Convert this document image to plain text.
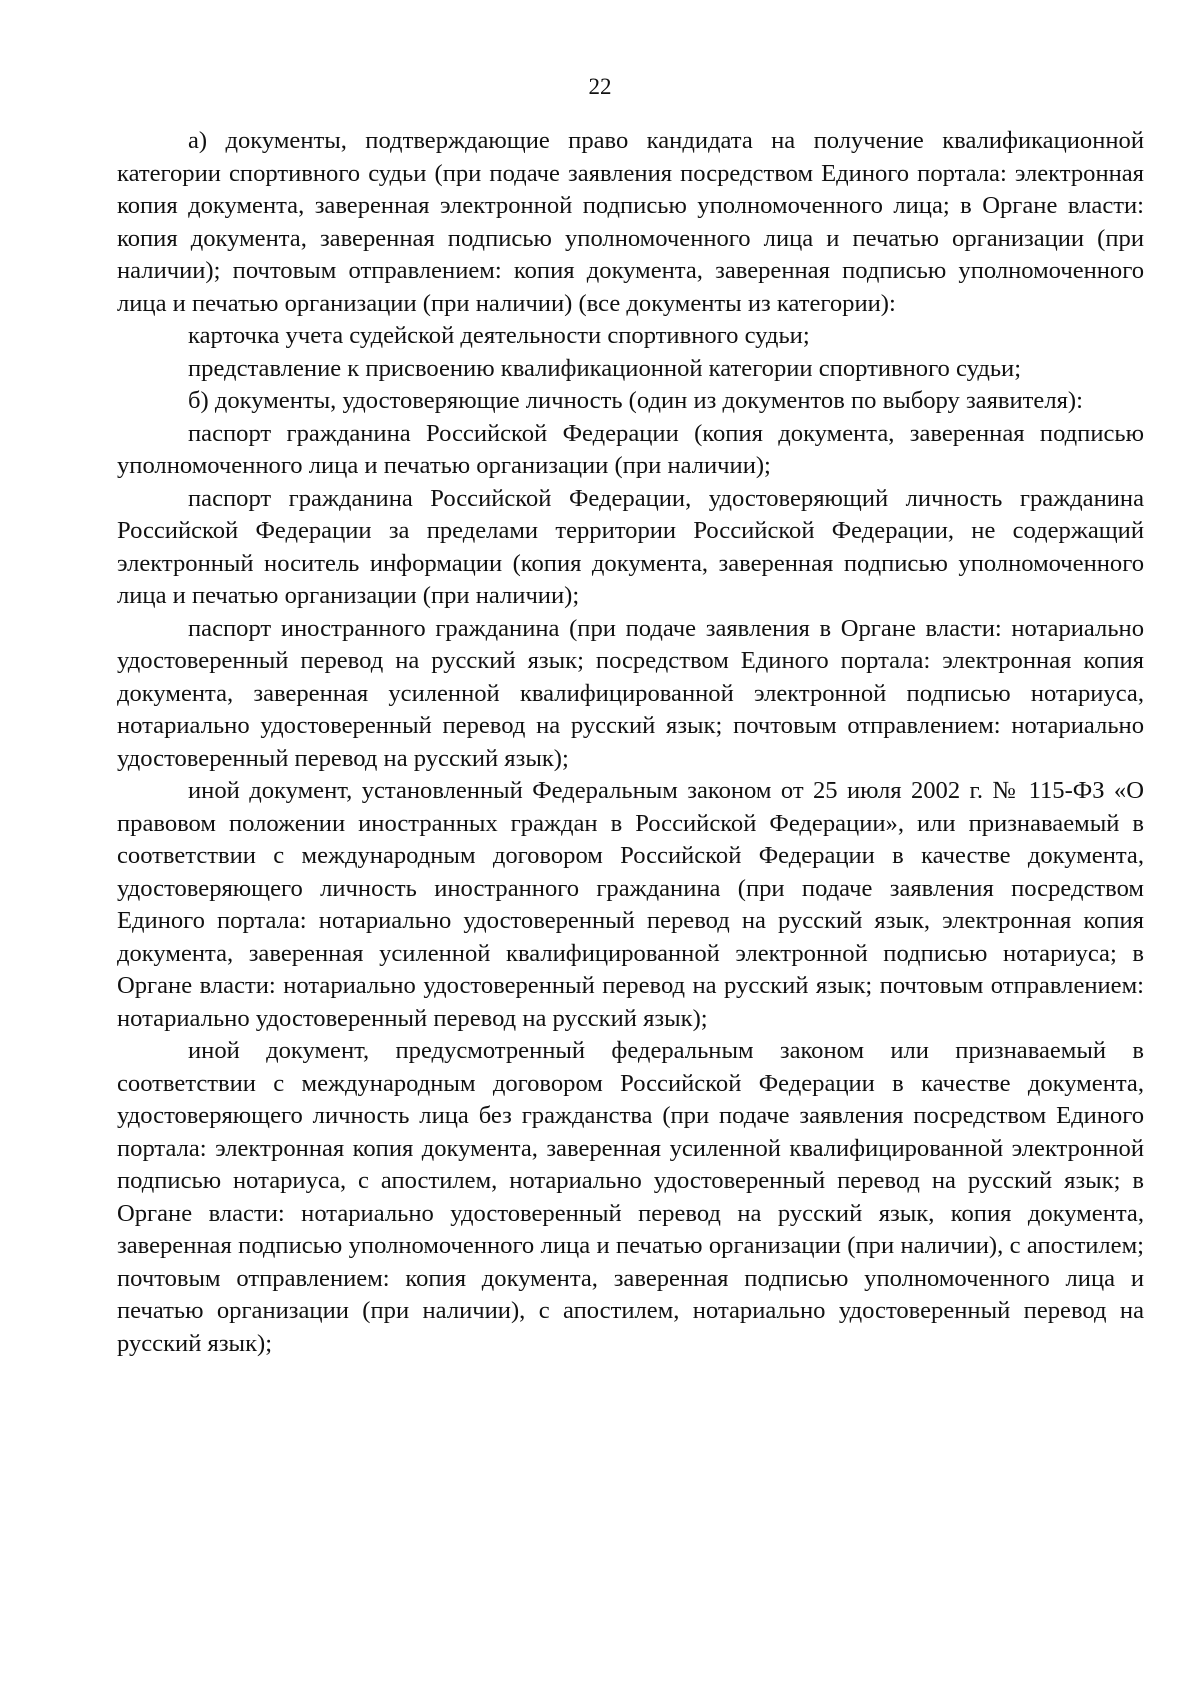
22

а) документы, подтверждающие право кандидата на получение квалификационной категории спортивного судьи (при подаче заявления посредством Единого портала: электронная копия документа, заверенная электронной подписью уполномоченного лица; в Органе власти: копия документа, заверенная подписью уполномоченного лица и печатью организации (при наличии); почтовым отправлением: копия документа, заверенная подписью уполномоченного лица и печатью организации (при наличии) (все документы из категории):

карточка учета судейской деятельности спортивного судьи;

представление к присвоению квалификационной категории спортивного судьи;

б) документы, удостоверяющие личность (один из документов по выбору заявителя):

паспорт гражданина Российской Федерации (копия документа, заверенная подписью уполномоченного лица и печатью организации (при наличии);

паспорт гражданина Российской Федерации, удостоверяющий личность гражданина Российской Федерации за пределами территории Российской Федерации, не содержащий электронный носитель информации (копия документа, заверенная подписью уполномоченного лица и печатью организации (при наличии);

паспорт иностранного гражданина (при подаче заявления в Органе власти: нотариально удостоверенный перевод на русский язык; посредством Единого портала: электронная копия документа, заверенная усиленной квалифицированной электронной подписью нотариуса, нотариально удостоверенный перевод на русский язык; почтовым отправлением: нотариально удостоверенный перевод на русский язык);

иной документ, установленный Федеральным законом от 25 июля 2002 г. № 115-ФЗ «О правовом положении иностранных граждан в Российской Федерации», или признаваемый в соответствии с международным договором Российской Федерации в качестве документа, удостоверяющего личность иностранного гражданина (при подаче заявления посредством Единого портала: нотариально удостоверенный перевод на русский язык, электронная копия документа, заверенная усиленной квалифицированной электронной подписью нотариуса; в Органе власти: нотариально удостоверенный перевод на русский язык; почтовым отправлением: нотариально удостоверенный перевод на русский язык);

иной документ, предусмотренный федеральным законом или признаваемый в соответствии с международным договором Российской Федерации в качестве документа, удостоверяющего личность лица без гражданства (при подаче заявления посредством Единого портала: электронная копия документа, заверенная усиленной квалифицированной электронной подписью нотариуса, с апостилем, нотариально удостоверенный перевод на русский язык; в Органе власти: нотариально удостоверенный перевод на русский язык, копия документа, заверенная подписью уполномоченного лица и печатью организации (при наличии), с апостилем; почтовым отправлением: копия документа, заверенная подписью уполномоченного лица и печатью организации (при наличии), с апостилем, нотариально удостоверенный перевод на русский язык);
